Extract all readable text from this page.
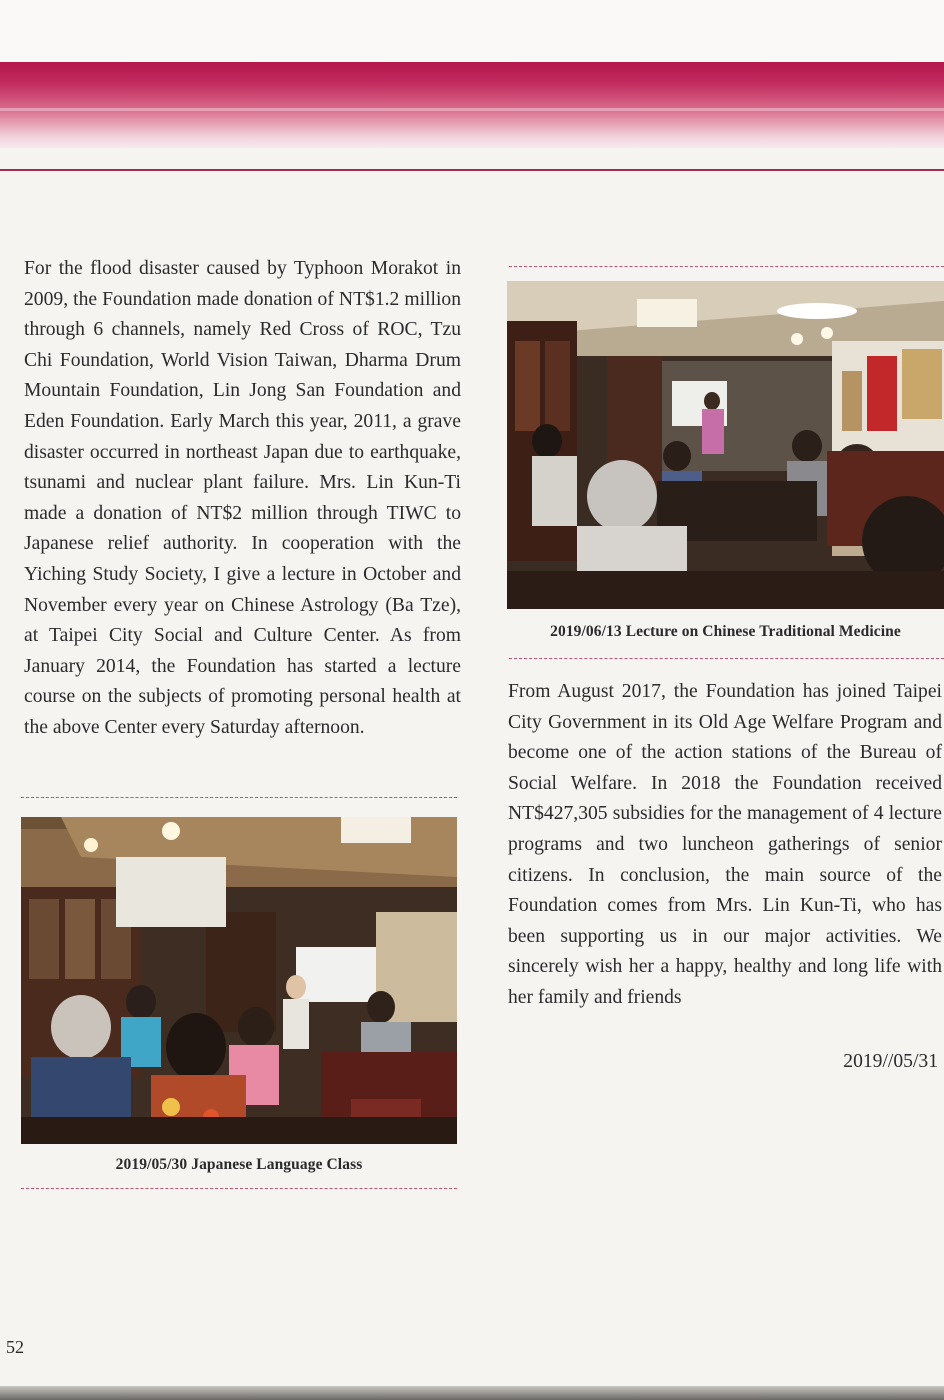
For the flood disaster caused by Typhoon Morakot in 2009, the Foundation made donation of NT$1.2 million through 6 channels, namely Red Cross of ROC, Tzu Chi Foundation, World Vision Taiwan, Dharma Drum Mountain Foundation, Lin Jong San Foundation and Eden Foundation. Early March this year, 2011, a grave disaster occurred in northeast Japan due to earthquake, tsunami and nuclear plant failure. Mrs. Lin Kun-Ti made a donation of NT$2 million through TIWC to Japanese relief authority. In cooperation with the Yiching Study Society, I give a lecture in October and November every year on Chinese Astrology (Ba Tze), at Taipei City Social and Culture Center. As from January 2014, the Foundation has started a lecture course on the subjects of promoting personal health at the above Center every Saturday afternoon.

2019/05/30 Japanese Language Class

2019/06/13 Lecture on Chinese Traditional Medicine

From August 2017, the Foundation has joined Taipei City Government in its Old Age Welfare Program and become one of the action stations of the Bureau of Social Welfare. In 2018 the Foundation received NT$427,305 subsidies for the management of 4 lecture programs and two luncheon gatherings of senior citizens. In conclusion, the main source of the Foundation comes from Mrs. Lin Kun-Ti, who has been supporting us in our major activities. We sincerely wish her a happy, healthy and long life with her family and friends

2019//05/31

52
